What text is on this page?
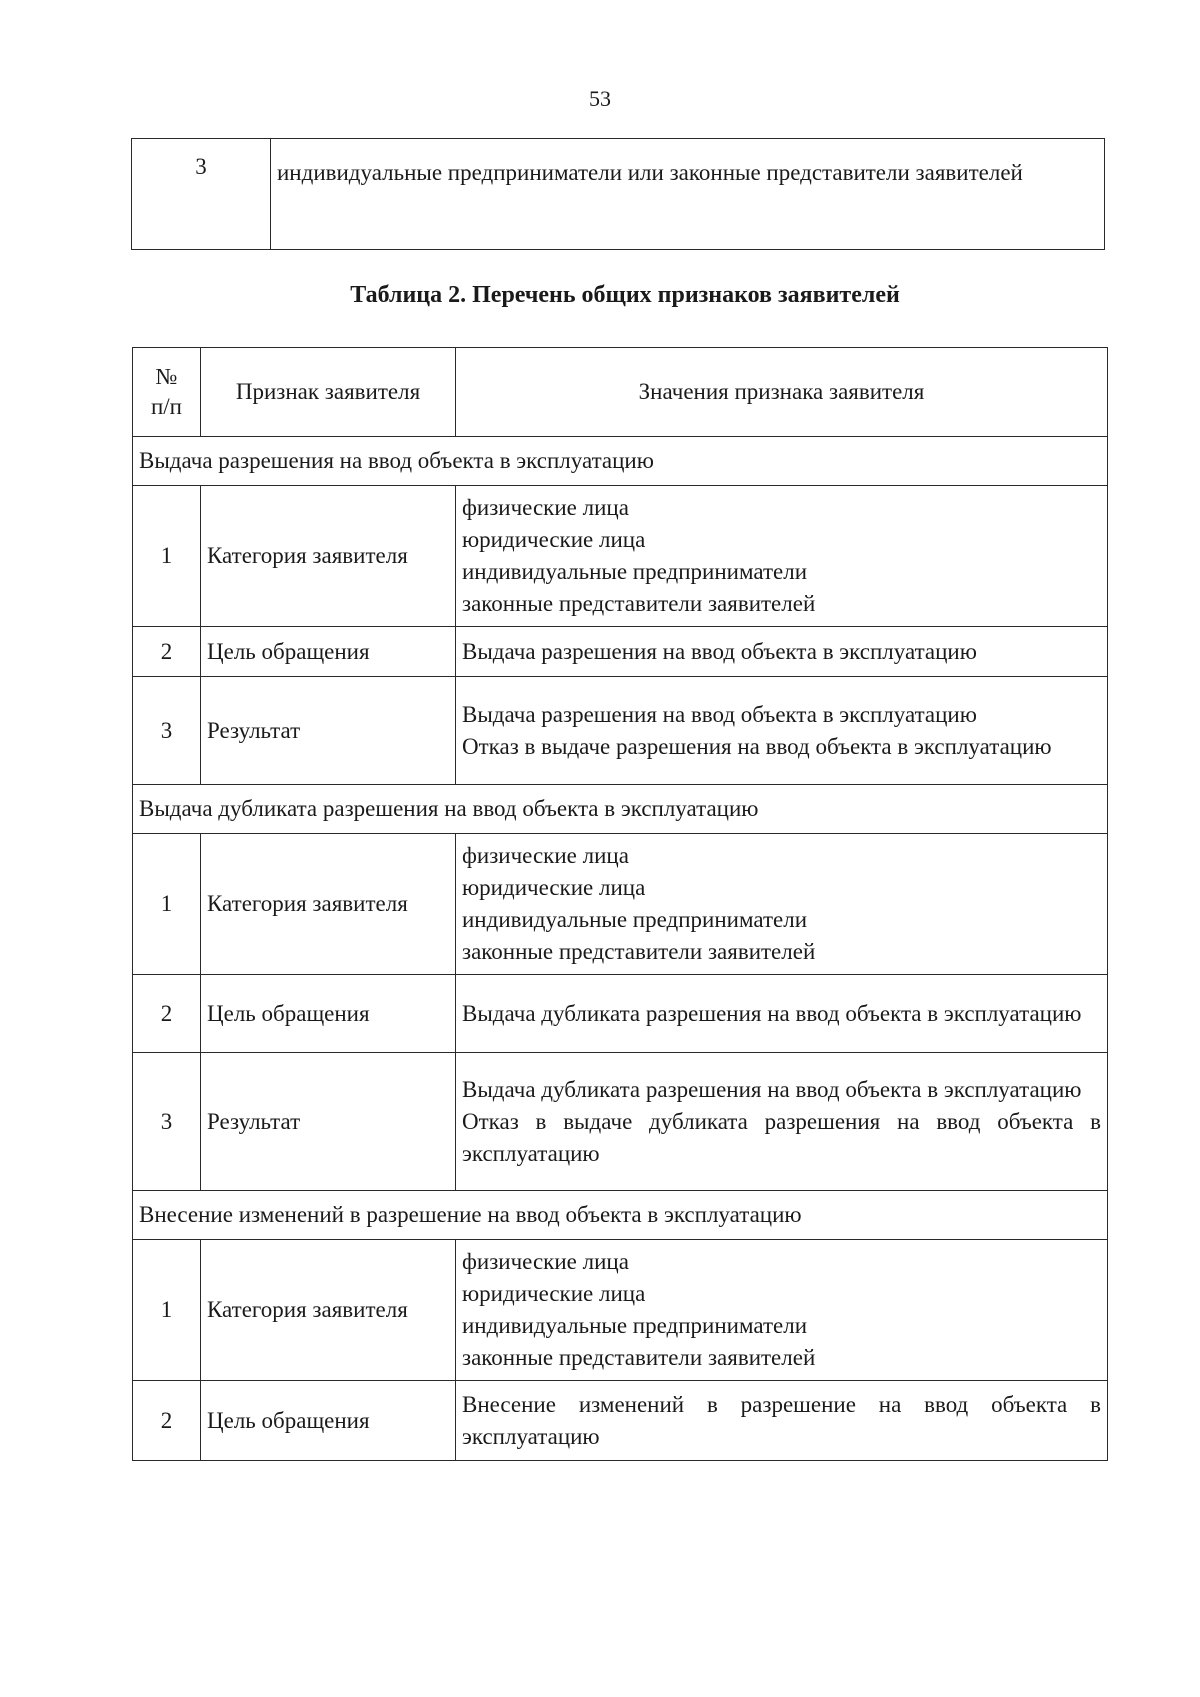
53
3	индивидуальные предприниматели или законные представители заявителей
Таблица 2. Перечень общих признаков заявителей
№
п/п	Признак заявителя	Значения признака заявителя
Выдача разрешения на ввод объекта в эксплуатацию		
1	Категория заявителя	физические лица
юридические лица
индивидуальные предприниматели
законные представители заявителей

2	Цель обращения	Выдача разрешения на ввод объекта в эксплуатацию

3	Результат	Выдача разрешения на ввод объекта в эксплуатацию
Отказ в выдаче разрешения на ввод объекта в эксплуатацию

Выдача дубликата разрешения на ввод объекта в эксплуатацию		
1	Категория заявителя	физические лица
юридические лица
индивидуальные предприниматели
законные представители заявителей

2	Цель обращения	Выдача дубликата разрешения на ввод объекта в эксплуатацию

3	Результат	Выдача дубликата разрешения на ввод объекта в эксплуатацию
Отказ в выдаче дубликата разрешения на ввод объекта в эксплуатацию

Внесение изменений в разрешение на ввод объекта в эксплуатацию		
1	Категория заявителя	физические лица
юридические лица
индивидуальные предприниматели
законные представители заявителей

2	Цель обращения	Внесение изменений в разрешение на ввод объекта в эксплуатацию
